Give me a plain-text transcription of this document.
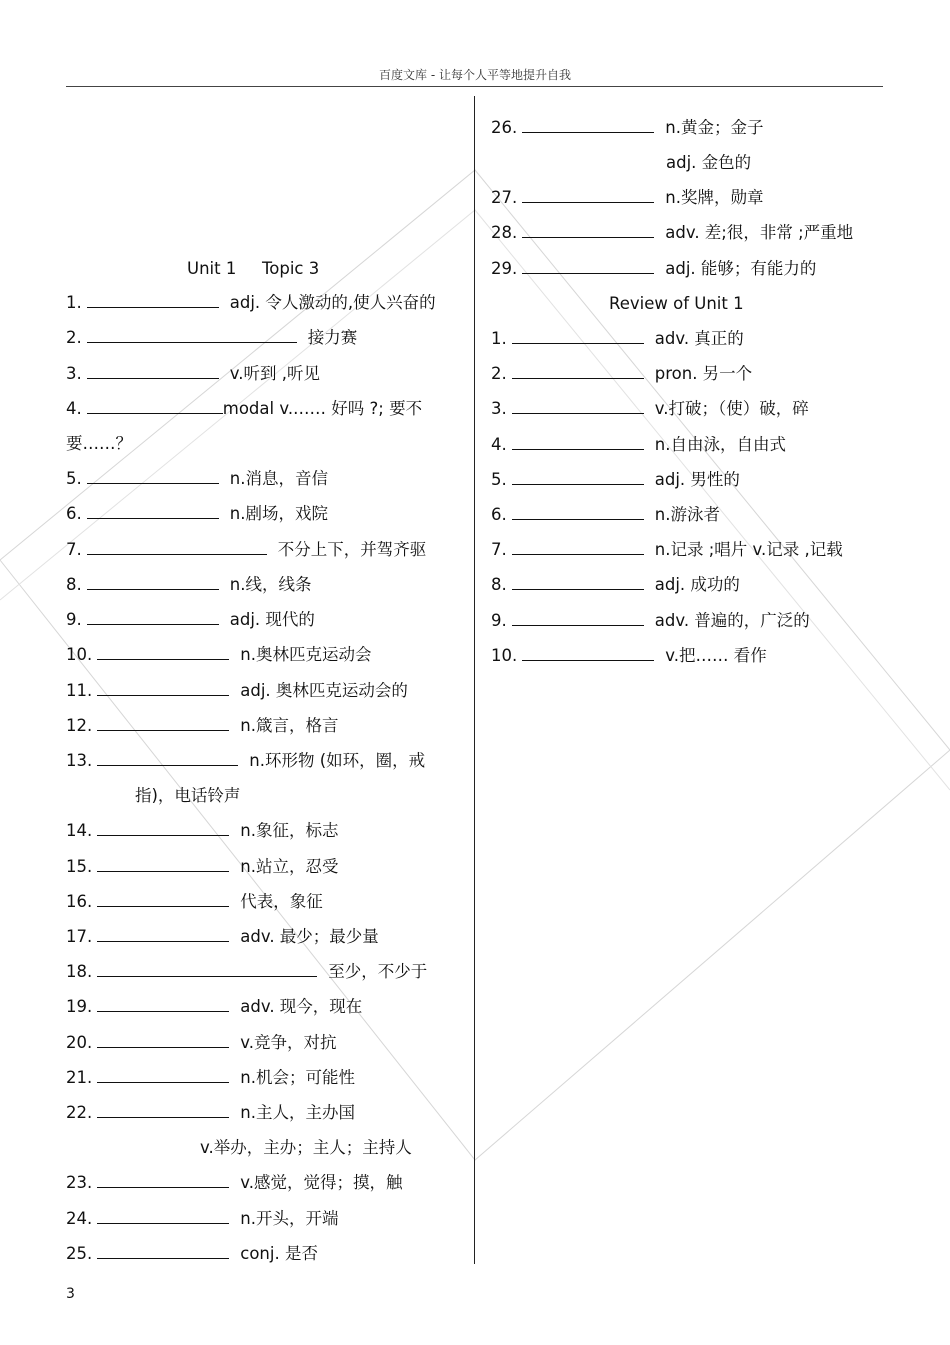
百度文库 - 让每个人平等地提升自我
Unit 1 Topic 3
1.	adj. 令人激动的,使人兴奋的
2.	接力赛
3.	v.听到 ,听见
4.	modal v.…… 好吗 ?; 要不
要……？
5.	n.消息，音信
6.	n.剧场，戏院
7.	不分上下，并驾齐驱
8.	n.线，线条
9.	adj. 现代的
10.	n.奥林匹克运动会
11.	adj. 奥林匹克运动会的
12.	n.箴言，格言
13.	n.环形物 (如环，圈，戒
指)，电话铃声
14.	n.象征，标志
15.	n.站立，忍受
16.	代表，象征
17.	adv. 最少；最少量
18.	至少，不少于
19.	adv. 现今，现在
20.	v.竞争，对抗
21.	n.机会；可能性
22.	n.主人，主办国
v.举办，主办；主人；主持人
23.	v.感觉，觉得；摸，触
24.	n.开头，开端
25.	conj. 是否
Review of Unit 1
26.	n.黄金；金子
adj. 金色的
27.	n.奖牌，勋章
28.	adv. 差;很，非常 ;严重地
29.	adj. 能够；有能力的
1.	adv. 真正的
2.	pron. 另一个
3.	v.打破；（使）破，碎
4.	n.自由泳，自由式
5.	adj. 男性的
6.	n.游泳者
7.	n.记录 ;唱片 v.记录 ,记载
8.	adj. 成功的
9.	adv. 普遍的，广泛的
10.	v.把…… 看作
3
